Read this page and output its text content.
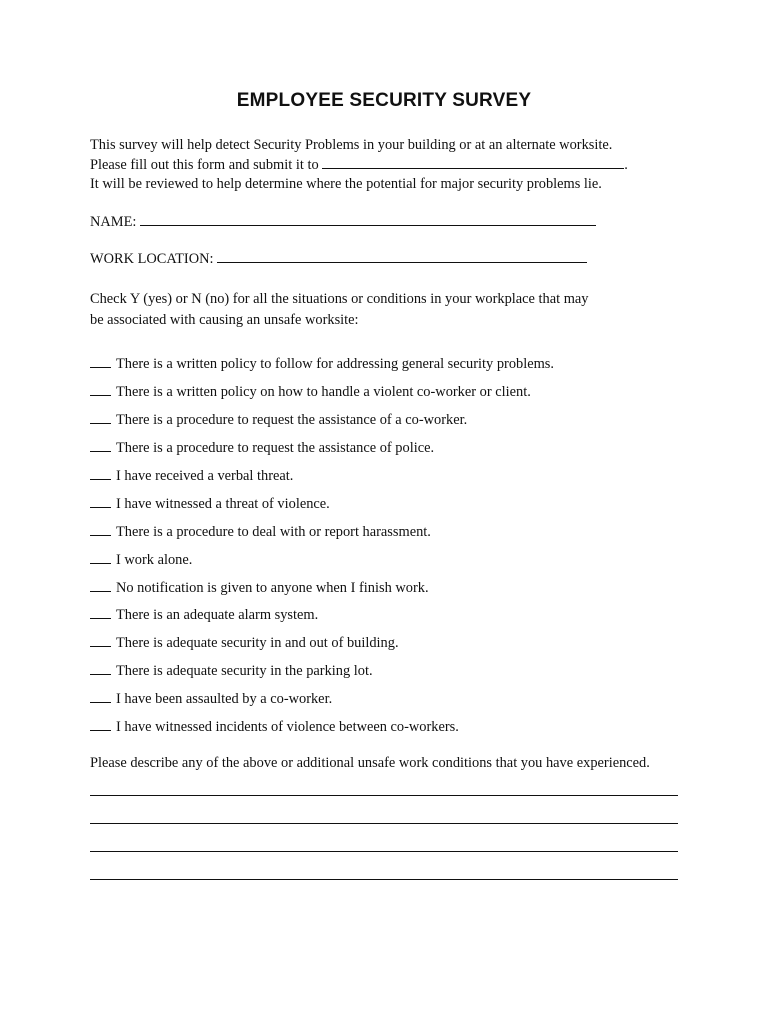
EMPLOYEE SECURITY SURVEY
This survey will help detect Security Problems in your building or at an alternate worksite.
Please fill out this form and submit it to	.
It will be reviewed to help determine where the potential for major security problems lie.
NAME:
WORK LOCATION:
Check Y (yes) or N (no) for all the situations or conditions in your workplace that may
be associated with causing an unsafe worksite:
There is a written policy to follow for addressing general security problems.
There is a written policy on how to handle a violent co-worker or client.
There is a procedure to request the assistance of a co-worker.
There is a procedure to request the assistance of police.
I have received a verbal threat.
I have witnessed a threat of violence.
There is a procedure to deal with or report harassment.
I work alone.
No notification is given to anyone when I finish work.
There is an adequate alarm system.
There is adequate security in and out of building.
There is adequate security in the parking lot.
I have been assaulted by a co-worker.
I have witnessed incidents of violence between co-workers.
Please describe any of the above or additional unsafe work conditions that you have experienced.
